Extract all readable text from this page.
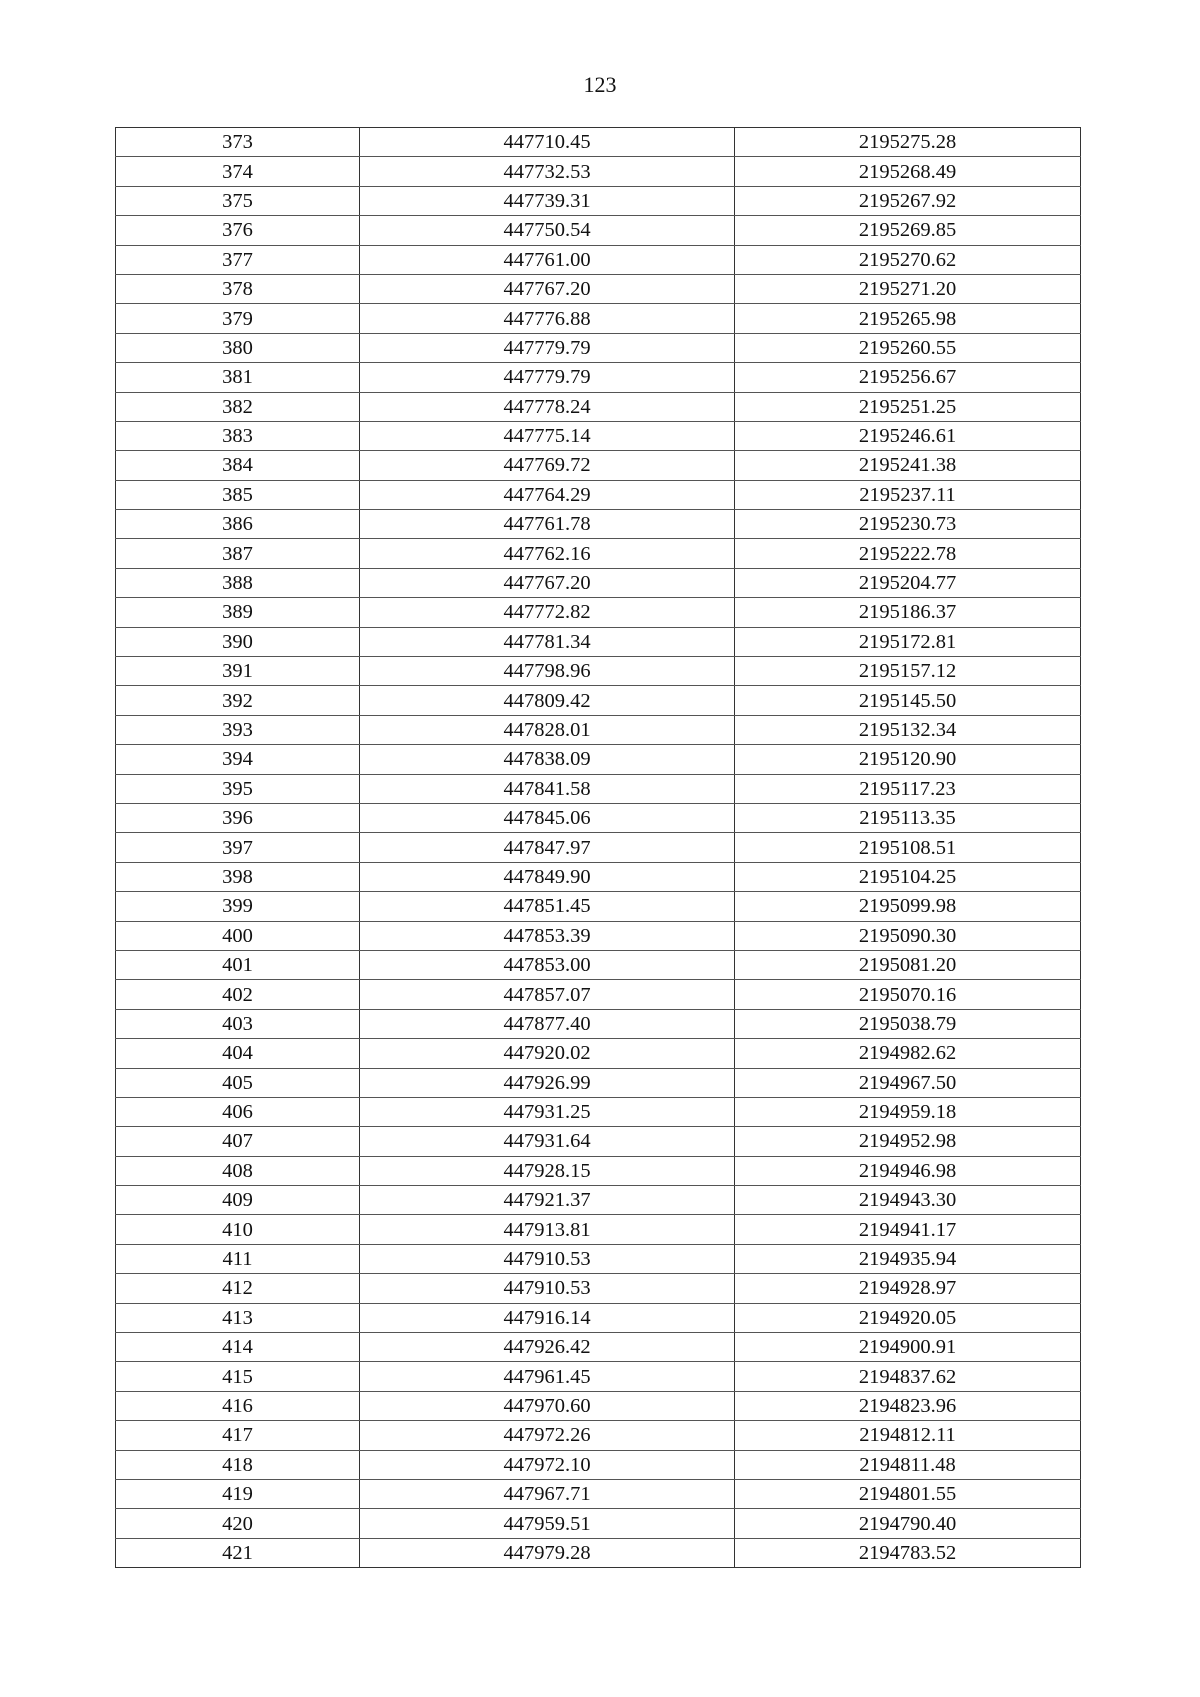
123
373	447710.45	2195275.28
374	447732.53	2195268.49
375	447739.31	2195267.92
376	447750.54	2195269.85
377	447761.00	2195270.62
378	447767.20	2195271.20
379	447776.88	2195265.98
380	447779.79	2195260.55
381	447779.79	2195256.67
382	447778.24	2195251.25
383	447775.14	2195246.61
384	447769.72	2195241.38
385	447764.29	2195237.11
386	447761.78	2195230.73
387	447762.16	2195222.78
388	447767.20	2195204.77
389	447772.82	2195186.37
390	447781.34	2195172.81
391	447798.96	2195157.12
392	447809.42	2195145.50
393	447828.01	2195132.34
394	447838.09	2195120.90
395	447841.58	2195117.23
396	447845.06	2195113.35
397	447847.97	2195108.51
398	447849.90	2195104.25
399	447851.45	2195099.98
400	447853.39	2195090.30
401	447853.00	2195081.20
402	447857.07	2195070.16
403	447877.40	2195038.79
404	447920.02	2194982.62
405	447926.99	2194967.50
406	447931.25	2194959.18
407	447931.64	2194952.98
408	447928.15	2194946.98
409	447921.37	2194943.30
410	447913.81	2194941.17
411	447910.53	2194935.94
412	447910.53	2194928.97
413	447916.14	2194920.05
414	447926.42	2194900.91
415	447961.45	2194837.62
416	447970.60	2194823.96
417	447972.26	2194812.11
418	447972.10	2194811.48
419	447967.71	2194801.55
420	447959.51	2194790.40
421	447979.28	2194783.52
